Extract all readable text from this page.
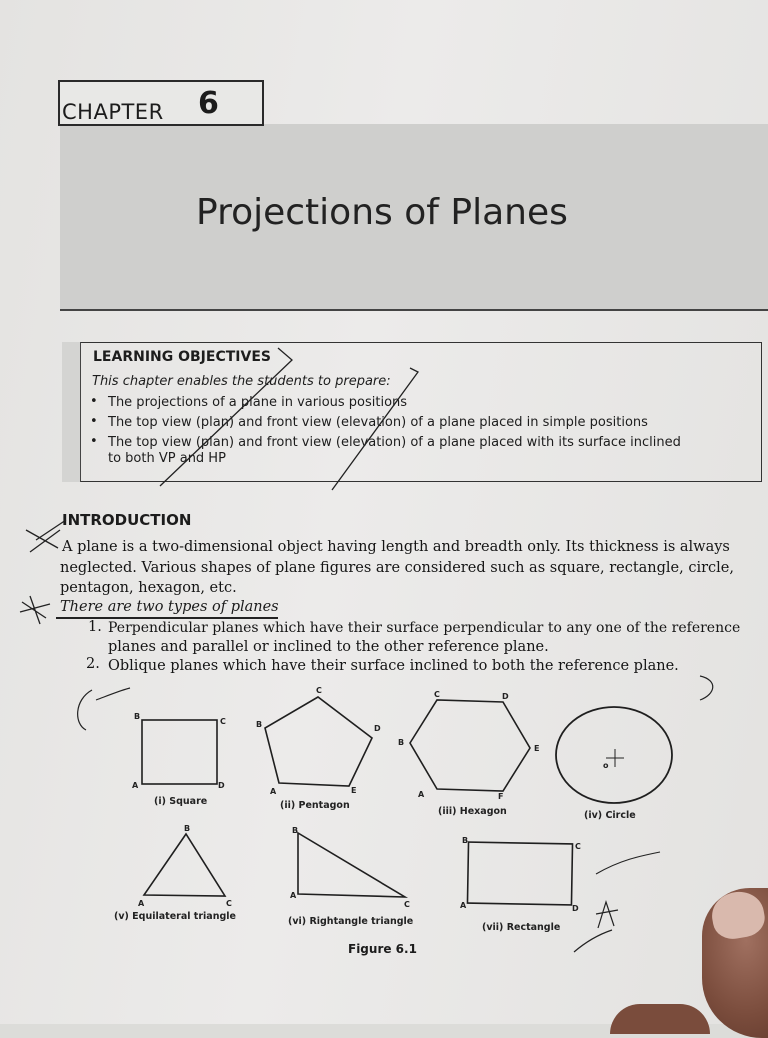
CHAPTER 6
Projections of Planes
LEARNING OBJECTIVES
This chapter enables the students to prepare:
• The projections of a plane in various positions
• The top view (plan) and front view (elevation) of a plane placed in simple positions
• The top view (plan) and front view (elevation) of a plane placed with its surface inclined
to both VP and HP
INTRODUCTION
A plane is a two-dimensional object having length and breadth only. Its thickness is always
neglected. Various shapes of plane figures are considered such as square, rectangle, circle,
pentagon, hexagon, etc.
There are two types of planes
1. Perpendicular planes which have their surface perpendicular to any one of the reference
planes and parallel or inclined to the other reference plane.
2. Oblique planes which have their surface inclined to both the reference plane.
A
B
C
D
A
B
C
D
E	A
B
C	D
E
F
o
A
B
C
A
B
C	A
B
C
D
(i) Square	(ii) Pentagon
(iii) Hexagon	(iv) Circle
(v) Equilateral triangle	(vi) Rightangle triangle
(vii) Rectangle
Figure 6.1
